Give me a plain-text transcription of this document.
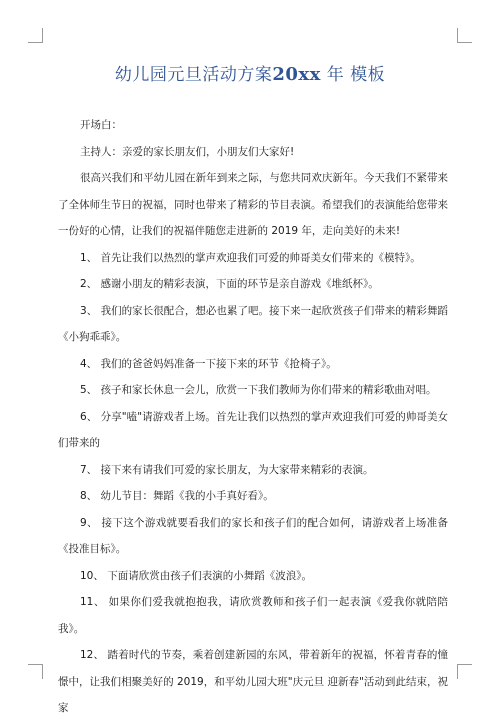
幼儿园元旦活动方案20xx 年 模板

开场白：

主持人：亲爱的家长朋友们，小朋友们大家好!

很高兴我们和平幼儿园在新年到来之际，与您共同欢庆新年。今天我们不紧带来了全体师生节日的祝福，同时也带来了精彩的节目表演。希望我们的表演能给您带来一份好的心情，让我们的祝福伴随您走进新的 2019 年，走向美好的未来!

1、 首先让我们以热烈的掌声欢迎我们可爱的帅哥美女们带来的《模特》。

2、 感谢小朋友的精彩表演，下面的环节是亲自游戏《堆纸杯》。

3、 我们的家长很配合，想必也累了吧。接下来一起欣赏孩子们带来的精彩舞蹈《小狗乖乖》。

4、 我们的爸爸妈妈准备一下接下来的环节《抢椅子》。

5、 孩子和家长休息一会儿，欣赏一下我们教师为你们带来的精彩歌曲对唱。

6、 分享"嗑"请游戏者上场。首先让我们以热烈的掌声欢迎我们可爱的帅哥美女们带来的

7、 接下来有请我们可爱的家长朋友，为大家带来精彩的表演。

8、 幼儿节目：舞蹈《我的小手真好看》。

9、 接下这个游戏就要看我们的家长和孩子们的配合如何，请游戏者上场准备《投准目标》。

10、 下面请欣赏由孩子们表演的小舞蹈《波浪》。

11、 如果你们爱我就抱抱我，请欣赏教师和孩子们一起表演《爱我你就陪陪我》。

12、 踏着时代的节奏，乘着创建新园的东风，带着新年的祝福，怀着青春的憧憬中，让我们相聚美好的 2019，和平幼儿园大班"庆元旦 迎新春"活动到此结束，祝家
